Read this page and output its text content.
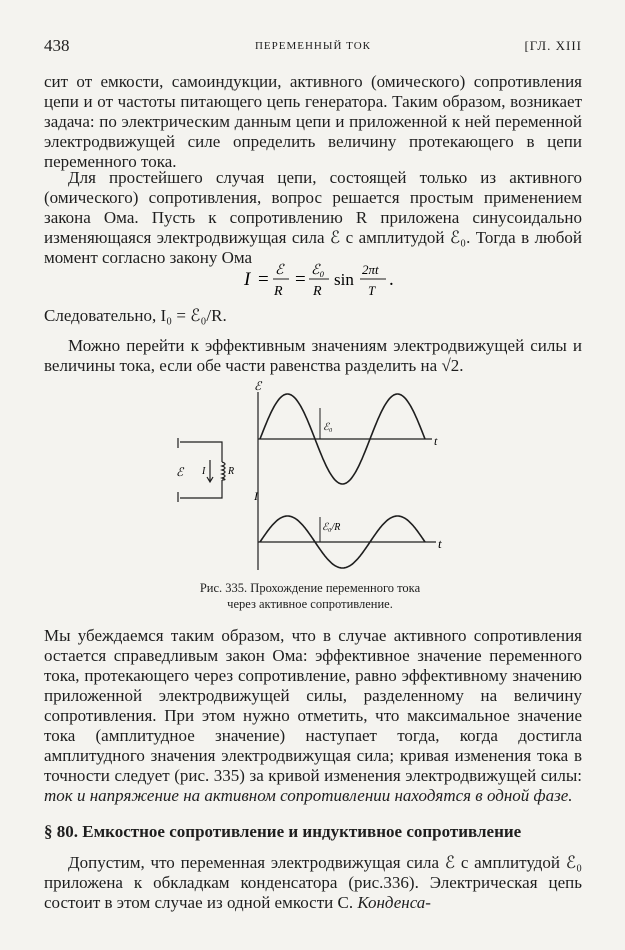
438	ПЕРЕМЕННЫЙ ТОК	[ГЛ. XIII
сит от емкости, самоиндукции, активного (омического) сопротивления цепи и от частоты питающего цепь генератора. Таким образом, возникает задача: по электрическим данным цепи и приложенной к ней переменной электродвижущей силе определить величину протекающего в цепи переменного тока.
Для простейшего случая цепи, состоящей только из активного (омического) сопротивления, вопрос решается простым применением закона Ома. Пусть к сопротивлению R приложена синусоидально изменяющаяся электродвижущая сила ℰ с амплитудой ℰ₀. Тогда в любой момент согласно закону Ома
I = ℰ
R
= ℰ₀
R
sin
2πt
T
.
Следовательно, I₀ = ℰ₀/R.
Можно перейти к эффективным значениям электродвижущей силы и величины тока, если обе части равенства разделить на √2.
ℰ I R
ℰ
ℰ₀
t
I
ℰ₀/R
t
Рис. 335. Прохождение переменного тока
через активное сопротивление.
Мы убеждаемся таким образом, что в случае активного сопротивления остается справедливым закон Ома: эффективное значение переменного тока, протекающего через сопротивление, равно эффективному значению приложенной электродвижущей силы, разделенному на величину сопротивления. При этом нужно отметить, что максимальное значение тока (амплитудное значение) наступает тогда, когда достигла амплитудного значения электродвижущая сила; кривая изменения тока в точности следует (рис. 335) за кривой изменения электродвижущей силы: ток и напряжение на активном сопротивлении находятся в одной фазе.
§ 80. Емкостное сопротивление и индуктивное сопротивление
Допустим, что переменная электродвижущая сила ℰ с амплитудой ℰ₀ приложена к обкладкам конденсатора (рис.336). Электрическая цепь состоит в этом случае из одной емкости C. Конденса-
